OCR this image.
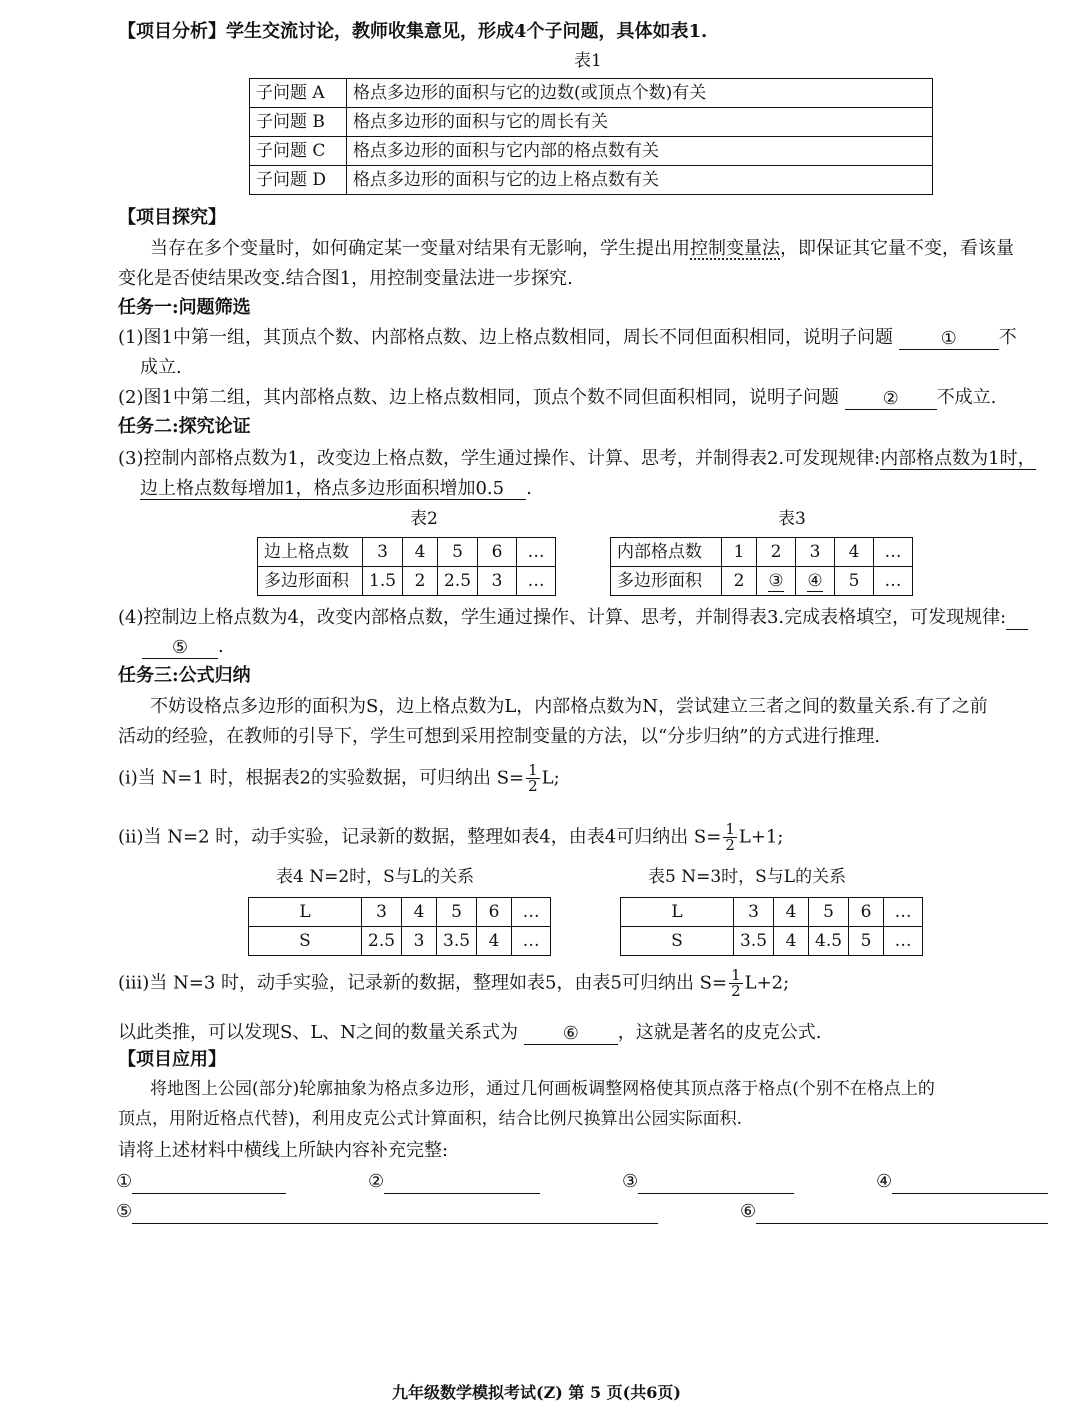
【项目分析】学生交流讨论，教师收集意见，形成4个子问题，具体如表1.
表1
子问题 A	格点多边形的面积与它的边数(或顶点个数)有关
子问题 B	格点多边形的面积与它的周长有关
子问题 C	格点多边形的面积与它内部的格点数有关
子问题 D	格点多边形的面积与它的边上格点数有关
【项目探究】
当存在多个变量时，如何确定某一变量对结果有无影响，学生提出用控制变量法，即保证其它量不变，看该量
变化是否使结果改变.结合图1，用控制变量法进一步探究.
任务一:问题筛选
(1)图1中第一组，其顶点个数、内部格点数、边上格点数相同，周长不同但面积相同，说明子问题	① 不
成立.
(2)图1中第二组，其内部格点数、边上格点数相同，顶点个数不同但面积相同，说明子问题 ② 不成立.
任务二:探究论证
(3)控制内部格点数为1，改变边上格点数，学生通过操作、计算、思考，并制得表2.可发现规律:内部格点数为1时，
边上格点数每增加1，格点多边形面积增加0.5 .
表2
边上格点数	3	4	5	6	…
多边形面积	1.5	2	2.5	3	…
表3
内部格点数	1	2	3	4	…
多边形面积	2	③	④	5	…
(4)控制边上格点数为4，改变内部格点数，学生通过操作、计算、思考，并制得表3.完成表格填空，可发现规律:
⑤ .
任务三:公式归纳
不妨设格点多边形的面积为S，边上格点数为L，内部格点数为N，尝试建立三者之间的数量关系.有了之前
活动的经验，在教师的引导下，学生可想到采用控制变量的方法，以“分步归纳”的方式进行推理.
(i)当 N=1 时，根据表2的实验数据，可归纳出 $S= \frac{1}{2} L$;
(ii)当 N=2 时，动手实验，记录新的数据，整理如表4，由表4可归纳出 $S= \frac{1}{2} L+1$;
表4 N=2时，S与L的关系
L	3	4	5	6	…
S	2.5	3	3.5	4	…
表5 N=3时，S与L的关系
L	3	4	5	6	…
S	3.5	4	4.5	5	…
(iii)当 N=3 时，动手实验，记录新的数据，整理如表5，由表5可归纳出 $S= \frac{1}{2} L+2$;
以此类推，可以发现S、L、N之间的数量关系式为 ⑥ ，这就是著名的皮克公式.
【项目应用】
将地图上公园(部分)轮廓抽象为格点多边形，通过几何画板调整网格使其顶点落于格点(个别不在格点上的
顶点，用附近格点代替)，利用皮克公式计算面积，结合比例尺换算出公园实际面积.
请将上述材料中横线上所缺内容补充完整:
①	②	③	④
⑤	⑥
九年级数学模拟考试(Z) 第 5 页(共6页)
